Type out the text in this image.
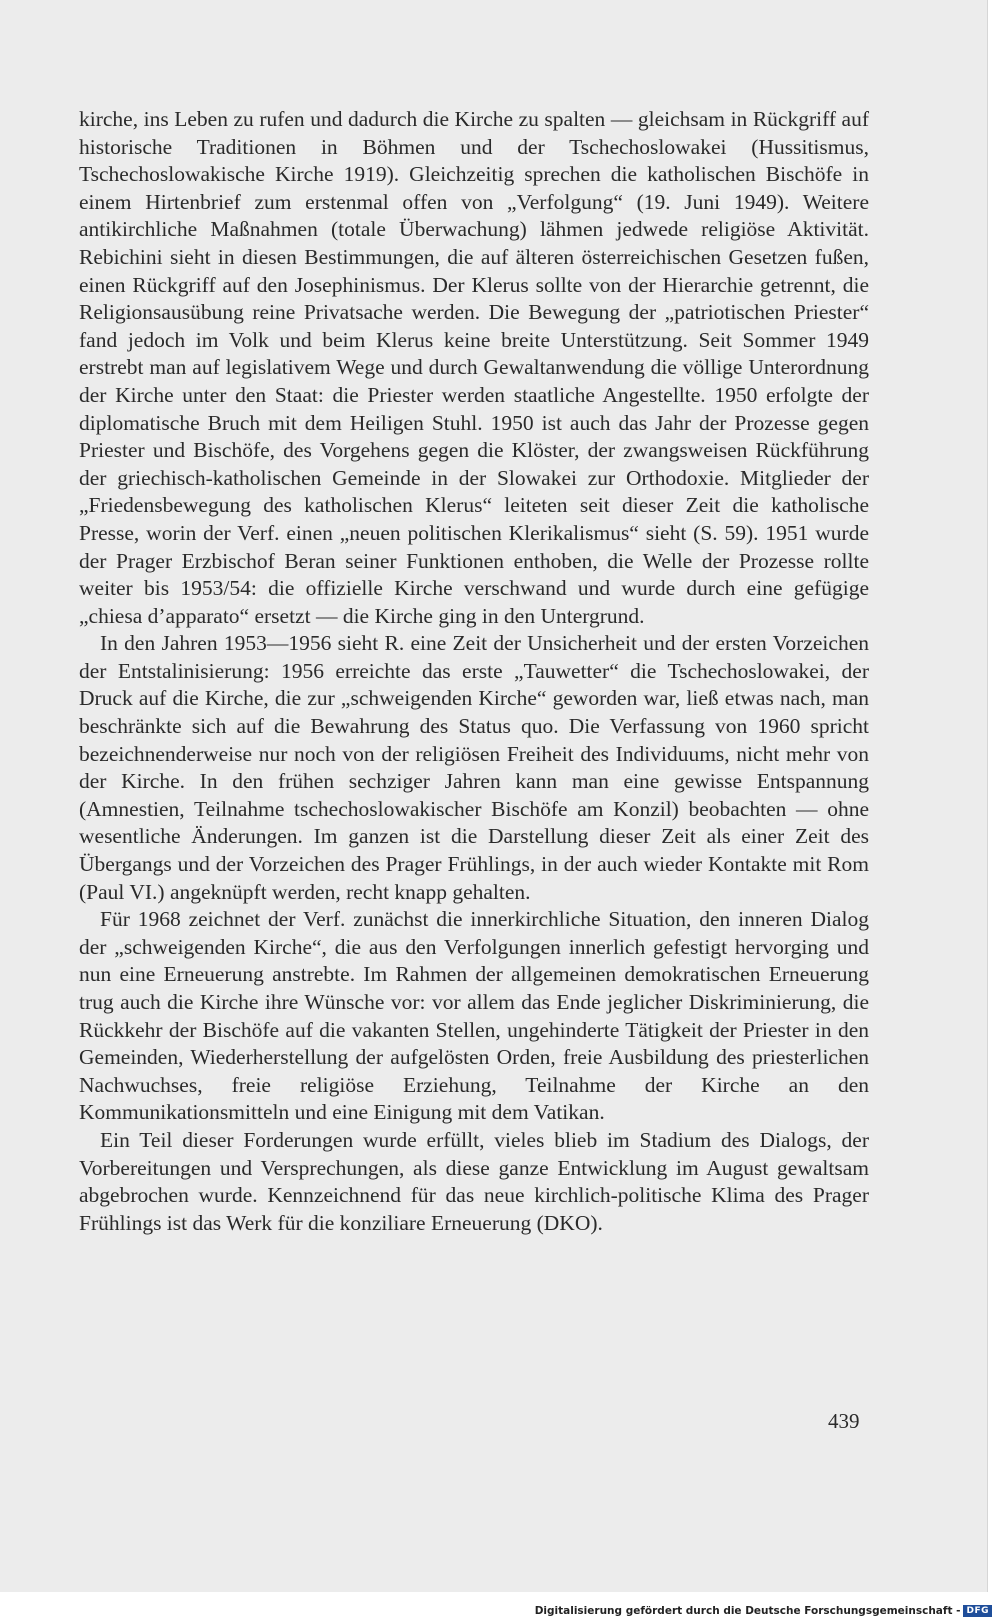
kirche, ins Leben zu rufen und dadurch die Kirche zu spalten — gleichsam in Rückgriff auf historische Traditionen in Böhmen und der Tschechoslowakei (Hussitismus, Tschechoslowakische Kirche 1919). Gleichzeitig sprechen die katholischen Bischöfe in einem Hirtenbrief zum erstenmal offen von „Verfolgung“ (19. Juni 1949). Weitere antikirchliche Maßnahmen (totale Überwachung) lähmen jedwede religiöse Aktivität. Rebichini sieht in diesen Bestimmungen, die auf älteren österreichischen Gesetzen fußen, einen Rückgriff auf den Josephinismus. Der Klerus sollte von der Hierarchie getrennt, die Religionsausübung reine Privatsache werden. Die Bewegung der „patriotischen Priester“ fand jedoch im Volk und beim Klerus keine breite Unterstützung. Seit Sommer 1949 erstrebt man auf legislativem Wege und durch Gewaltanwendung die völlige Unterordnung der Kirche unter den Staat: die Priester werden staatliche Angestellte. 1950 erfolgte der diplomatische Bruch mit dem Heiligen Stuhl. 1950 ist auch das Jahr der Prozesse gegen Priester und Bischöfe, des Vorgehens gegen die Klöster, der zwangsweisen Rückführung der griechisch-katholischen Gemeinde in der Slowakei zur Orthodoxie. Mitglieder der „Friedensbewegung des katholischen Klerus“ leiteten seit dieser Zeit die katholische Presse, worin der Verf. einen „neuen politischen Klerikalismus“ sieht (S. 59). 1951 wurde der Prager Erzbischof Beran seiner Funktionen enthoben, die Welle der Prozesse rollte weiter bis 1953/54: die offizielle Kirche verschwand und wurde durch eine gefügige „chiesa d’apparato“ ersetzt — die Kirche ging in den Untergrund.

In den Jahren 1953—1956 sieht R. eine Zeit der Unsicherheit und der ersten Vorzeichen der Entstalinisierung: 1956 erreichte das erste „Tauwetter“ die Tschechoslowakei, der Druck auf die Kirche, die zur „schweigenden Kirche“ geworden war, ließ etwas nach, man beschränkte sich auf die Bewahrung des Status quo. Die Verfassung von 1960 spricht bezeichnenderweise nur noch von der religiösen Freiheit des Individuums, nicht mehr von der Kirche. In den frühen sechziger Jahren kann man eine gewisse Entspannung (Amnestien, Teilnahme tschechoslowakischer Bischöfe am Konzil) beobachten — ohne wesentliche Änderungen. Im ganzen ist die Darstellung dieser Zeit als einer Zeit des Übergangs und der Vorzeichen des Prager Frühlings, in der auch wieder Kontakte mit Rom (Paul VI.) angeknüpft werden, recht knapp gehalten.

Für 1968 zeichnet der Verf. zunächst die innerkirchliche Situation, den inneren Dialog der „schweigenden Kirche“, die aus den Verfolgungen innerlich gefestigt hervorging und nun eine Erneuerung anstrebte. Im Rahmen der allgemeinen demokratischen Erneuerung trug auch die Kirche ihre Wünsche vor: vor allem das Ende jeglicher Diskriminierung, die Rückkehr der Bischöfe auf die vakanten Stellen, ungehinderte Tätigkeit der Priester in den Gemeinden, Wiederherstellung der aufgelösten Orden, freie Ausbildung des priesterlichen Nachwuchses, freie religiöse Erziehung, Teilnahme der Kirche an den Kommunikationsmitteln und eine Einigung mit dem Vatikan.

Ein Teil dieser Forderungen wurde erfüllt, vieles blieb im Stadium des Dialogs, der Vorbereitungen und Versprechungen, als diese ganze Entwicklung im August gewaltsam abgebrochen wurde. Kennzeichnend für das neue kirchlich-politische Klima des Prager Frühlings ist das Werk für die konziliare Erneuerung (DKO).

439
Digitalisierung gefördert durch die Deutsche Forschungsgemeinschaft - DFG
